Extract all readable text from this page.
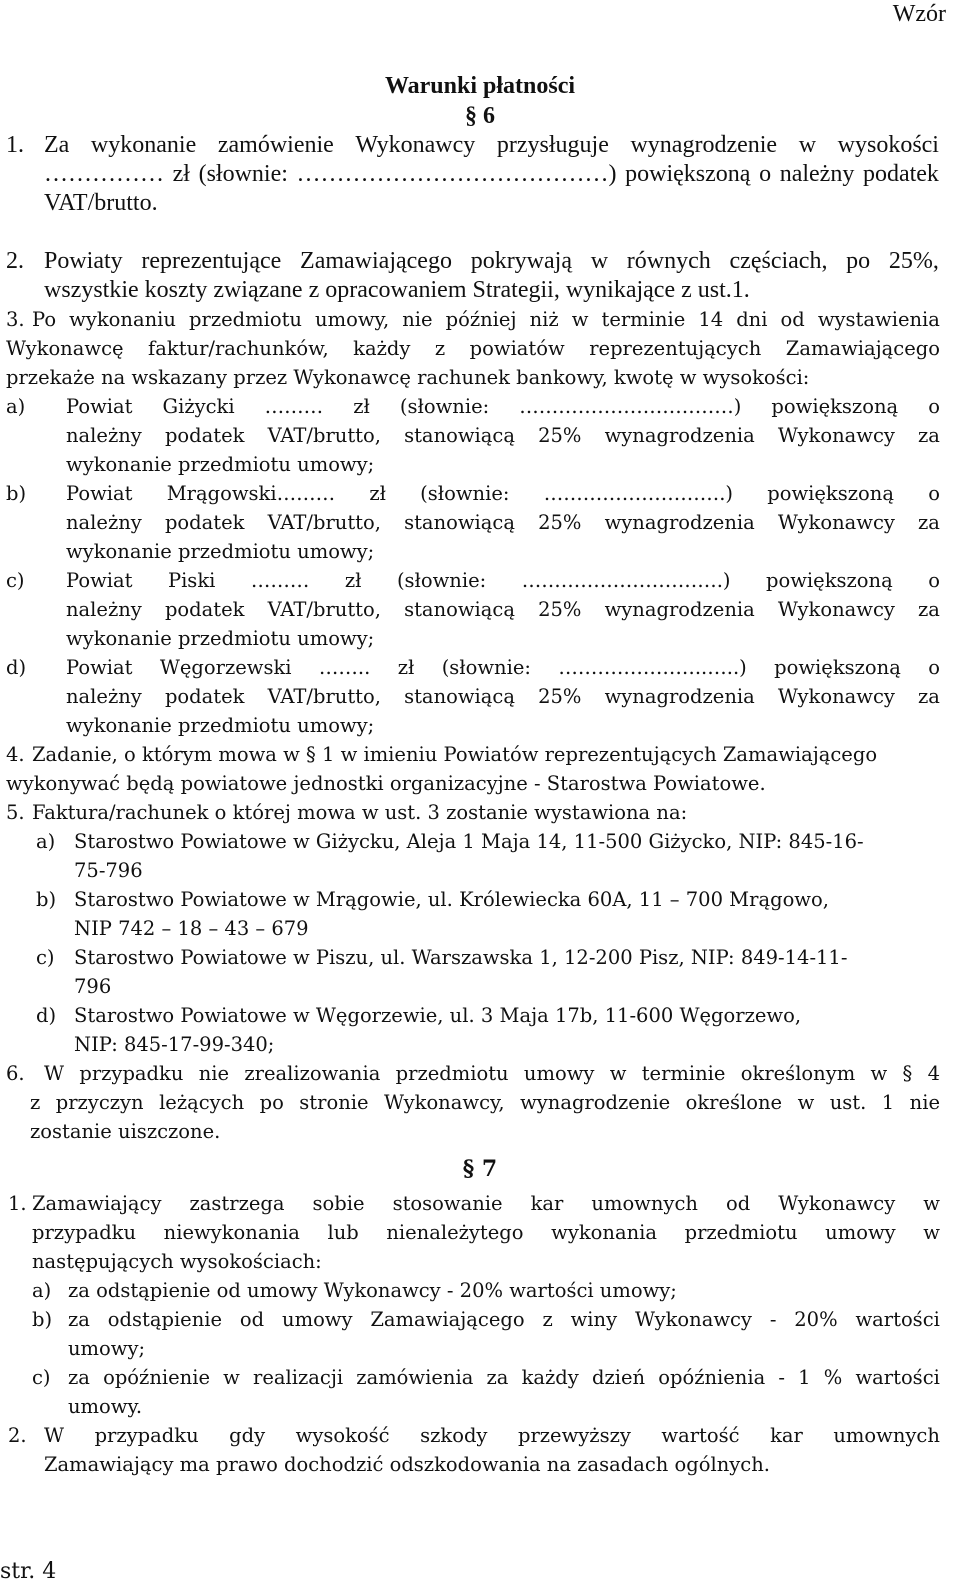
Wzór
Warunki płatności
§ 6
1. Za wykonanie zamówienie Wykonawcy przysługuje wynagrodzenie w wysokości
…………… zł (słownie: …………………………………) powiększoną o należny podatek
VAT/brutto.
2. Powiaty reprezentujące Zamawiającego pokrywają w równych częściach, po 25%,
wszystkie koszty związane z opracowaniem Strategii, wynikające z ust.1.
3. Po wykonaniu przedmiotu umowy, nie później niż w terminie 14 dni od wystawienia
Wykonawcę faktur/rachunków, każdy z powiatów reprezentujących Zamawiającego
przekaże na wskazany przez Wykonawcę rachunek bankowy, kwotę w wysokości:
a) Powiat Giżycki ……… zł (słownie: ……………………………) powiększoną o
należny podatek VAT/brutto, stanowiącą 25% wynagrodzenia Wykonawcy za
wykonanie przedmiotu umowy;
b) Powiat Mrągowski……… zł (słownie: ……………………….) powiększoną o
należny podatek VAT/brutto, stanowiącą 25% wynagrodzenia Wykonawcy za
wykonanie przedmiotu umowy;
c) Powiat Piski ……… zł (słownie: ………………………….) powiększoną o
należny podatek VAT/brutto, stanowiącą 25% wynagrodzenia Wykonawcy za
wykonanie przedmiotu umowy;
d) Powiat Węgorzewski …….. zł (słownie: …………………..…..) powiększoną o
należny podatek VAT/brutto, stanowiącą 25% wynagrodzenia Wykonawcy za
wykonanie przedmiotu umowy;
4. Zadanie, o którym mowa w § 1 w imieniu Powiatów reprezentujących Zamawiającego
wykonywać będą powiatowe jednostki organizacyjne - Starostwa Powiatowe.
5. Faktura/rachunek o której mowa w ust. 3 zostanie wystawiona na:
a) Starostwo Powiatowe w Giżycku, Aleja 1 Maja 14, 11-500 Giżycko, NIP: 845-16-
75-796
b) Starostwo Powiatowe w Mrągowie, ul. Królewiecka 60A, 11 – 700 Mrągowo,
NIP 742 – 18 – 43 – 679
c) Starostwo Powiatowe w Piszu, ul. Warszawska 1, 12-200 Pisz, NIP: 849-14-11-
796
d) Starostwo Powiatowe w Węgorzewie, ul. 3 Maja 17b, 11-600 Węgorzewo,
NIP: 845-17-99-340;
6. W przypadku nie zrealizowania przedmiotu umowy w terminie określonym w § 4
z przyczyn leżących po stronie Wykonawcy, wynagrodzenie określone w ust. 1 nie
zostanie uiszczone.
§ 7
1. Zamawiający zastrzega sobie stosowanie kar umownych od Wykonawcy w
przypadku niewykonania lub nienależytego wykonania przedmiotu umowy w
następujących wysokościach:
a) za odstąpienie od umowy Wykonawcy - 20% wartości umowy;
b) za odstąpienie od umowy Zamawiającego z winy Wykonawcy - 20% wartości
umowy;
c) za opóźnienie w realizacji zamówienia za każdy dzień opóźnienia - 1 % wartości
umowy.
2. W przypadku gdy wysokość szkody przewyższy wartość kar umownych
Zamawiający ma prawo dochodzić odszkodowania na zasadach ogólnych.
str. 4
